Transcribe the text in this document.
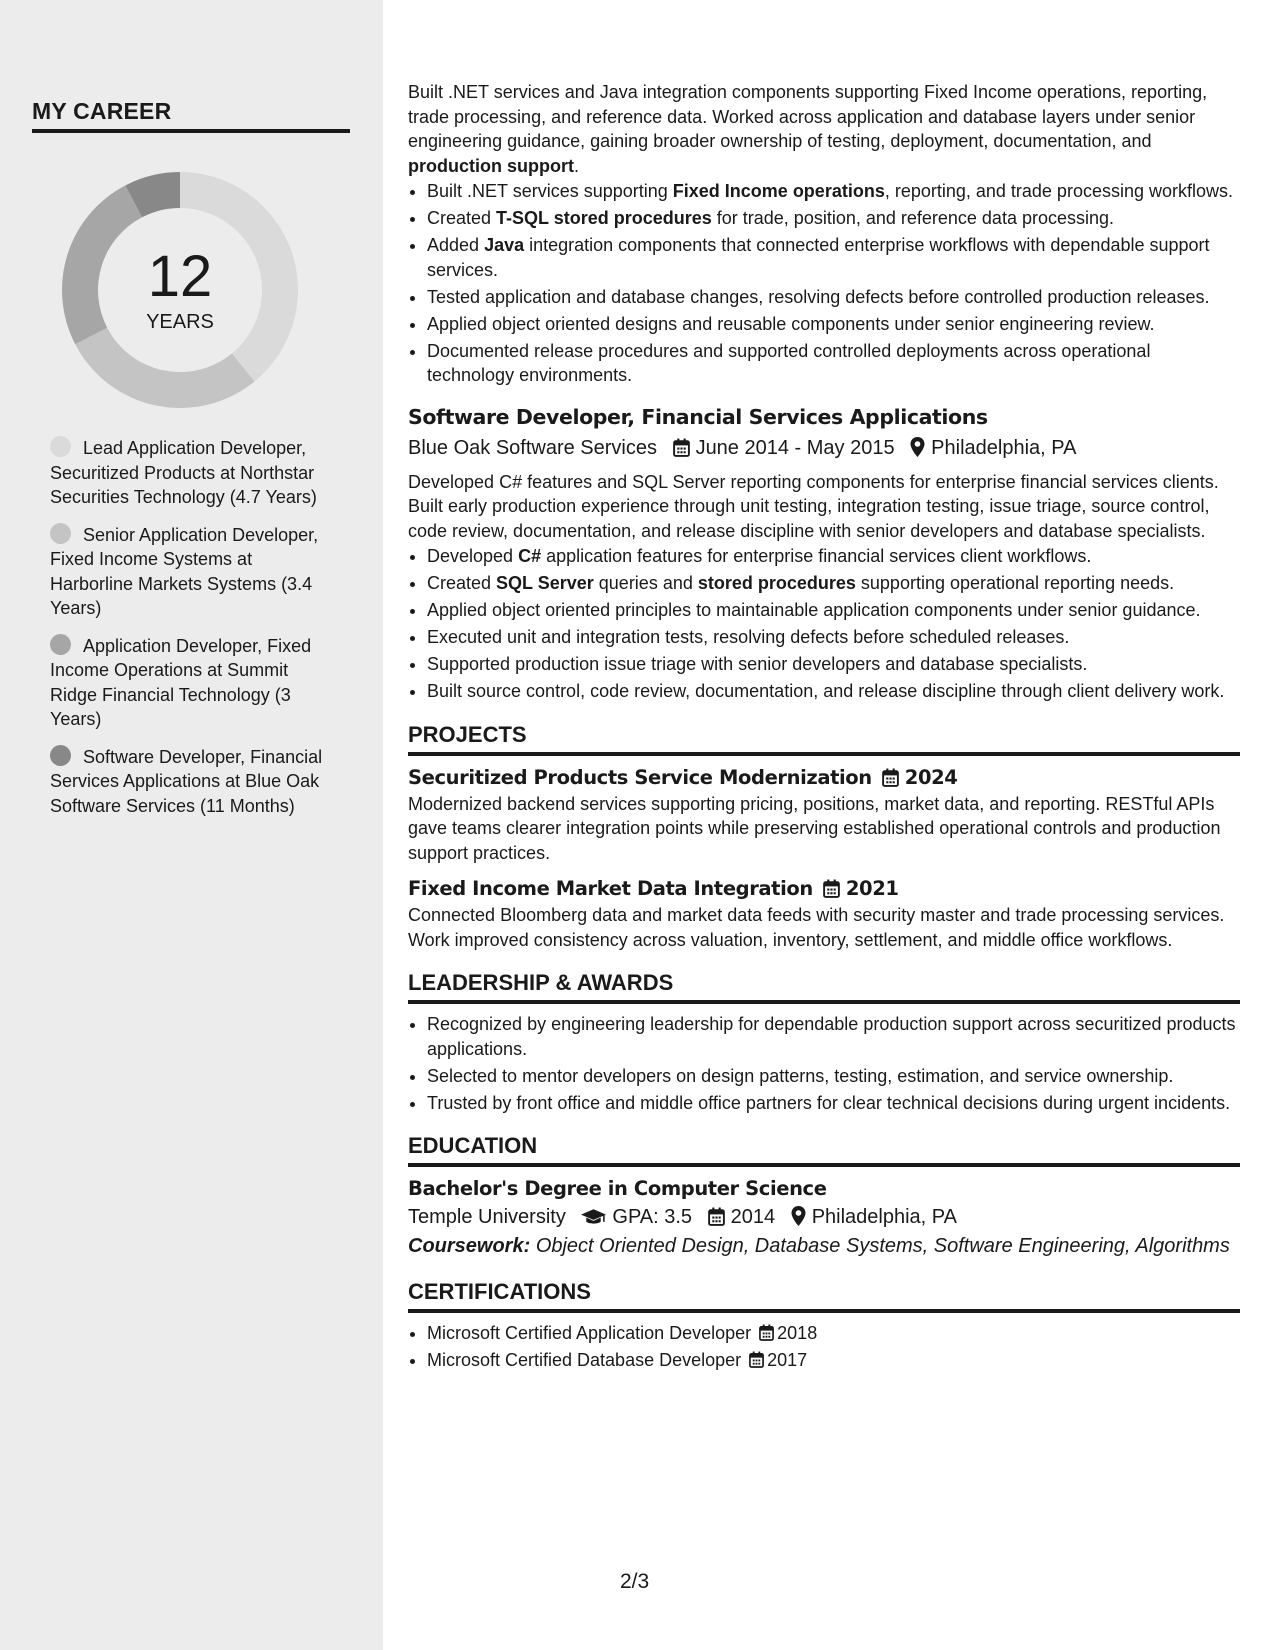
MY CAREER
12
YEARS
Lead Application Developer, Securitized Products at Northstar Securities Technology (4.7 Years)
Senior Application Developer, Fixed Income Systems at Harborline Markets Systems (3.4 Years)
Application Developer, Fixed Income Operations at Summit Ridge Financial Technology (3 Years)
Software Developer, Financial Services Applications at Blue Oak Software Services (11 Months)

Built .NET services and Java integration components supporting Fixed Income operations, reporting, trade processing, and reference data. Worked across application and database layers under senior engineering guidance, gaining broader ownership of testing, deployment, documentation, and production support.

• Built .NET services supporting Fixed Income operations, reporting, and trade processing workflows.
• Created T-SQL stored procedures for trade, position, and reference data processing.
• Added Java integration components that connected enterprise workflows with dependable support services.
• Tested application and database changes, resolving defects before controlled production releases.
• Applied object oriented designs and reusable components under senior engineering review.
• Documented release procedures and supported controlled deployments across operational technology environments.
Software Developer, Financial Services Applications
Blue Oak Software Services June 2014 - May 2015 Philadelphia, PA

Developed C# features and SQL Server reporting components for enterprise financial services clients. Built early production experience through unit testing, integration testing, issue triage, source control, code review, documentation, and release discipline with senior developers and database specialists.

• Developed C# application features for enterprise financial services client workflows.
• Created SQL Server queries and stored procedures supporting operational reporting needs.
• Applied object oriented principles to maintainable application components under senior guidance.
• Executed unit and integration tests, resolving defects before scheduled releases.
• Supported production issue triage with senior developers and database specialists.
• Built source control, code review, documentation, and release discipline through client delivery work.
PROJECTS
Securitized Products Service Modernization 2024

Modernized backend services supporting pricing, positions, market data, and reporting. RESTful APIs gave teams clearer integration points while preserving established operational controls and production support practices.

Fixed Income Market Data Integration 2021

Connected Bloomberg data and market data feeds with security master and trade processing services. Work improved consistency across valuation, inventory, settlement, and middle office workflows.

LEADERSHIP & AWARDS
• Recognized by engineering leadership for dependable production support across securitized products applications.
• Selected to mentor developers on design patterns, testing, estimation, and service ownership.
• Trusted by front office and middle office partners for clear technical decisions during urgent incidents.
EDUCATION
Bachelor's Degree in Computer Science
Temple University GPA: 3.5 2014 Philadelphia, PA
Coursework: Object Oriented Design, Database Systems, Software Engineering, Algorithms
CERTIFICATIONS
• Microsoft Certified Application Developer 2018
• Microsoft Certified Database Developer 2017
2/3
